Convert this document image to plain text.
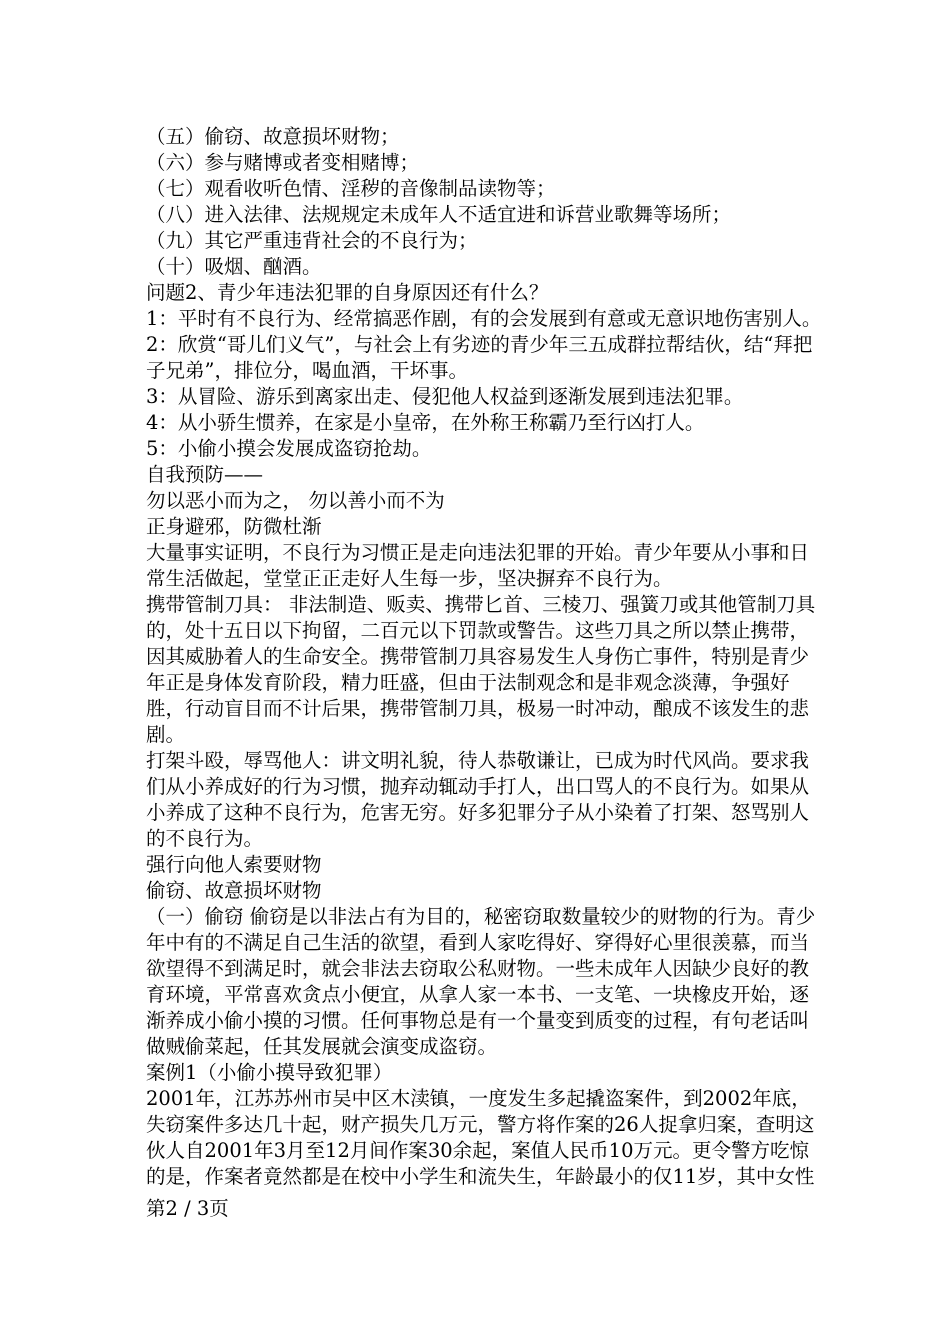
（五）偷窃、故意损坏财物；

（六）参与赌博或者变相赌博；

（七）观看收听色情、淫秽的音像制品读物等；

（八）进入法律、法规规定未成年人不适宜进和诉营业歌舞等场所；

（九）其它严重违背社会的不良行为；

（十）吸烟、酗酒。

问题2、青少年违法犯罪的自身原因还有什么？

1：平时有不良行为、经常搞恶作剧，有的会发展到有意或无意识地伤害别人。 2：欣赏“哥儿们义气”，与社会上有劣迹的青少年三五成群拉帮结伙，结“拜把子兄弟”，排位分，喝血酒，干坏事。

3：从冒险、游乐到离家出走、侵犯他人权益到逐渐发展到违法犯罪。

4：从小骄生惯养，在家是小皇帝，在外称王称霸乃至行凶打人。

5：小偷小摸会发展成盗窃抢劫。

自我预防——

勿以恶小而为之， 勿以善小而不为

正身避邪，防微杜渐

大量事实证明，不良行为习惯正是走向违法犯罪的开始。青少年要从小事和日常生活做起，堂堂正正走好人生每一步，坚决摒弃不良行为。

携带管制刀具： 非法制造、贩卖、携带匕首、三棱刀、强簧刀或其他管制刀具的，处十五日以下拘留，二百元以下罚款或警告。这些刀具之所以禁止携带，因其威胁着人的生命安全。携带管制刀具容易发生人身伤亡事件，特别是青少年正是身体发育阶段，精力旺盛，但由于法制观念和是非观念淡薄，争强好胜，行动盲目而不计后果，携带管制刀具，极易一时冲动，酿成不该发生的悲剧。

打架斗殴，辱骂他人：讲文明礼貌，待人恭敬谦让，已成为时代风尚。要求我们从小养成好的行为习惯，抛弃动辄动手打人，出口骂人的不良行为。如果从小养成了这种不良行为，危害无穷。好多犯罪分子从小染着了打架、怒骂别人的不良行为。

强行向他人索要财物

偷窃、故意损坏财物

（一）偷窃 偷窃是以非法占有为目的，秘密窃取数量较少的财物的行为。青少年中有的不满足自己生活的欲望，看到人家吃得好、穿得好心里很羡慕，而当欲望得不到满足时，就会非法去窃取公私财物。一些未成年人因缺少良好的教育环境，平常喜欢贪点小便宜，从拿人家一本书、一支笔、一块橡皮开始，逐渐养成小偷小摸的习惯。任何事物总是有一个量变到质变的过程，有句老话叫做贼偷菜起，任其发展就会演变成盗窃。

案例1（小偷小摸导致犯罪）

2001年，江苏苏州市吴中区木渎镇，一度发生多起撬盗案件，到2002年底，失窃案件多达几十起，财产损失几万元，警方将作案的26人捉拿归案，查明这伙人自2001年3月至12月间作案30余起，案值人民币10万元。更令警方吃惊的是，作案者竟然都是在校中小学生和流失生，年龄最小的仅11岁，其中女性

第2 / 3页
